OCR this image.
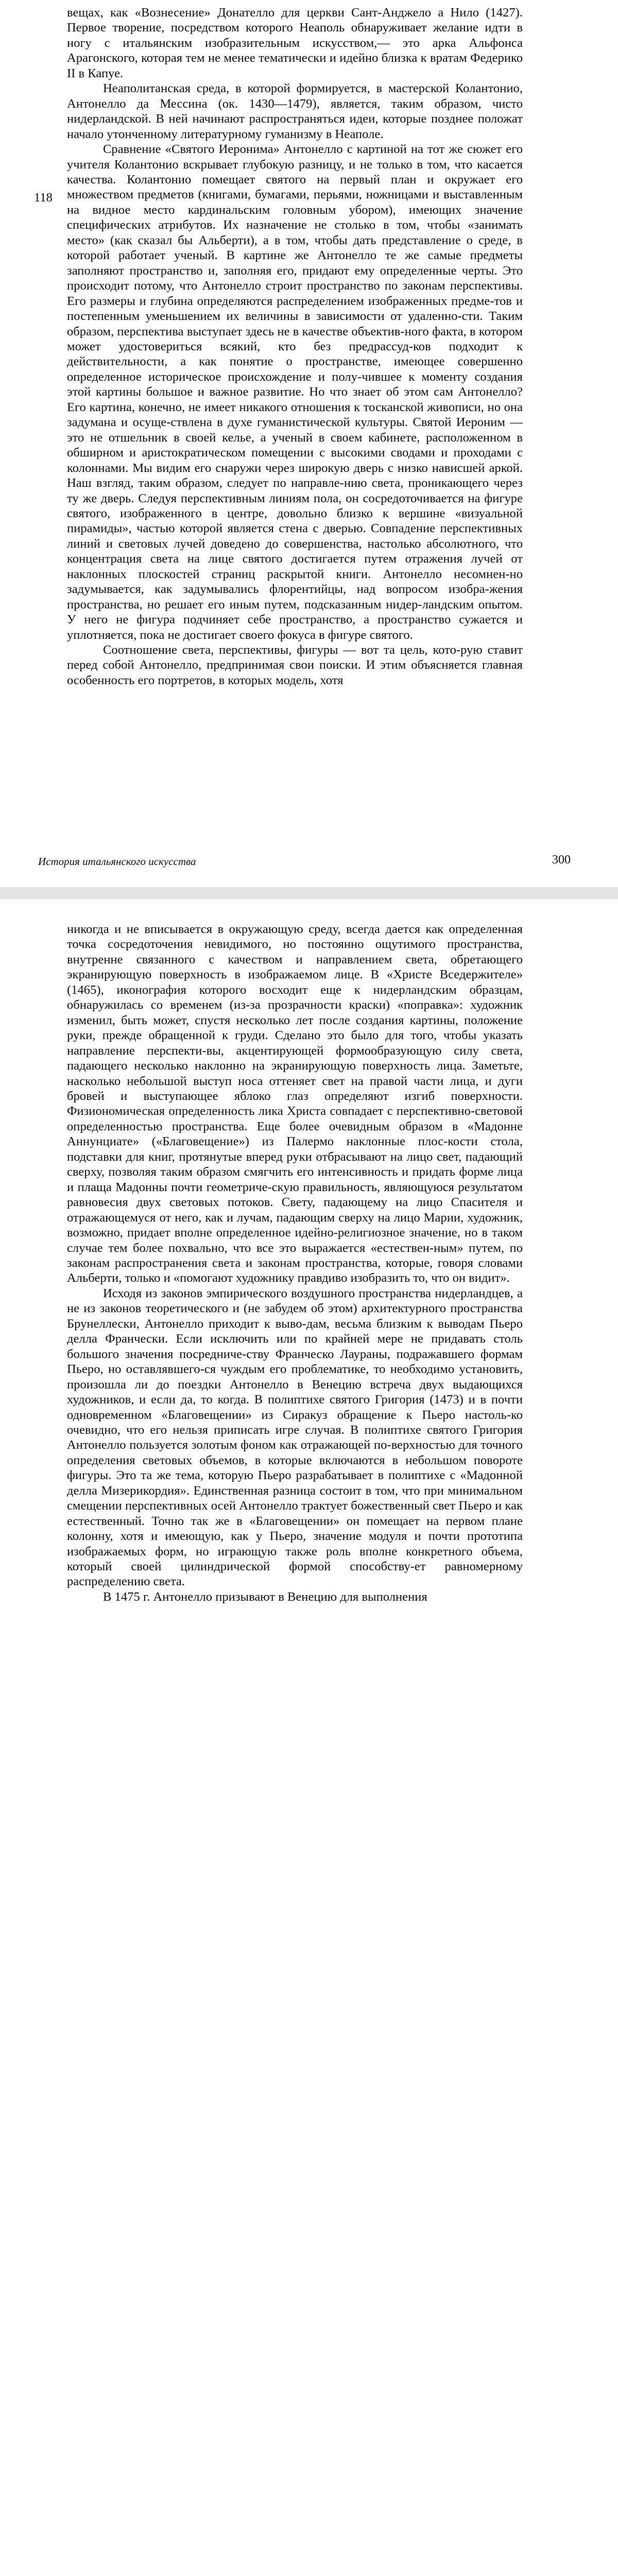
118

вещах, как «Вознесение» Донателло для церкви Сант-Анджело а Нило (1427). Первое творение, посредством которого Неаполь обнаруживает желание идти в ногу с итальянским изобразительным искусством,— это арка Альфонса Арагонского, которая тем не менее тематически и идейно близка к вратам Федерико II в Капуе.

Неаполитанская среда, в которой формируется, в мастерской Колантонио, Антонелло да Мессина (ок. 1430—1479), является, таким образом, чисто нидерландской. В ней начинают распространяться идеи, которые позднее положат начало утонченному литературному гуманизму в Неаполе.

Сравнение «Святого Иеронима» Антонелло с картиной на тот же сюжет его учителя Колантонио вскрывает глубокую разницу, и не только в том, что касается качества. Колантонио помещает святого на первый план и окружает его множеством предметов (книгами, бумагами, перьями, ножницами и выставленным на видное место кардинальским головным убором), имеющих значение специфических атрибутов. Их назначение не столько в том, чтобы «занимать место» (как сказал бы Альберти), а в том, чтобы дать представление о среде, в которой работает ученый. В картине же Антонелло те же самые предметы заполняют пространство и, заполняя его, придают ему определенные черты. Это происходит потому, что Антонелло строит пространство по законам перспективы. Его размеры и глубина определяются распределением изображенных предме-тов и постепенным уменьшением их величины в зависимости от удаленно-сти. Таким образом, перспектива выступает здесь не в качестве объектив-ного факта, в котором может удостовериться всякий, кто без предрассуд-ков подходит к действительности, а как понятие о пространстве, имеющее совершенно определенное историческое происхождение и полу-чившее к моменту создания этой картины большое и важное развитие. Но что знает об этом сам Антонелло? Его картина, конечно, не имеет никакого отношения к тосканской живописи, но она задумана и осуще-ствлена в духе гуманистической культуры. Святой Иероним — это не отшельник в своей келье, а ученый в своем кабинете, расположенном в обширном и аристократическом помещении с высокими сводами и проходами с колоннами. Мы видим его снаружи через широкую дверь с низко нависшей аркой. Наш взгляд, таким образом, следует по направле-нию света, проникающего через ту же дверь. Следуя перспективным линиям пола, он сосредоточивается на фигуре святого, изображенного в центре, довольно близко к вершине «визуальной пирамиды», частью которой является стена с дверью. Совпадение перспективных линий и световых лучей доведено до совершенства, настолько абсолютного, что концентрация света на лице святого достигается путем отражения лучей от наклонных плоскостей страниц раскрытой книги. Антонелло несомнен-но задумывается, как задумывались флорентийцы, над вопросом изобра-жения пространства, но решает его иным путем, подсказанным нидер-ландским опытом. У него не фигура подчиняет себе пространство, а пространство сужается и уплотняется, пока не достигает своего фокуса в фигуре святого.

Соотношение света, перспективы, фигуры — вот та цель, кото-рую ставит перед собой Антонелло, предпринимая свои поиски. И этим объясняется главная особенность его портретов, в которых модель, хотя

История итальянского искусства	300

никогда и не вписывается в окружающую среду, всегда дается как определенная точка сосредоточения невидимого, но постоянно ощутимого пространства, внутренне связанного с качеством и направлением света, обретающего экранирующую поверхность в изображаемом лице. В «Христе Вседержителе» (1465), иконография которого восходит еще к нидерландским образцам, обнаружилась со временем (из-за прозрачности краски) «поправка»: художник изменил, быть может, спустя несколько лет после создания картины, положение руки, прежде обращенной к груди. Сделано это было для того, чтобы указать направление перспекти-вы, акцентирующей формообразующую силу света, падающего несколько наклонно на экранирующую поверхность лица. Заметьте, насколько небольшой выступ носа оттеняет свет на правой части лица, и дуги бровей и выступающее яблоко глаз определяют изгиб поверхности. Физиономическая определенность лика Христа совпадает с перспективно-световой определенностью пространства. Еще более очевидным образом в «Мадонне Аннунциате» («Благовещение») из Палермо наклонные плос-кости стола, подставки для книг, протянутые вперед руки отбрасывают на лицо свет, падающий сверху, позволяя таким образом смягчить его интенсивность и придать форме лица и плаща Мадонны почти геометриче-скую правильность, являющуюся результатом равновесия двух световых потоков. Свету, падающему на лицо Спасителя и отражающемуся от него, как и лучам, падающим сверху на лицо Марии, художник, возможно, придает вполне определенное идейно-религиозное значение, но в таком случае тем более похвально, что все это выражается «естествен-ным» путем, по законам распространения света и законам пространства, которые, говоря словами Альберти, только и «помогают художнику правдиво изобразить то, что он видит».

Исходя из законов эмпирического воздушного пространства нидерландцев, а не из законов теоретического и (не забудем об этом) архитектурного пространства Брунеллески, Антонелло приходит к выво-дам, весьма близким к выводам Пьеро делла Франчески. Если исключить или по крайней мере не придавать столь большого значения посредниче-ству Франческо Лаураны, подражавшего формам Пьеро, но оставлявшего-ся чуждым его проблематике, то необходимо установить, произошла ли до поездки Антонелло в Венецию встреча двух выдающихся художников, и если да, то когда. В полиптихе святого Григория (1473) и в почти одновременном «Благовещении» из Сиракуз обращение к Пьеро настоль-ко очевидно, что его нельзя приписать игре случая. В полиптихе святого Григория Антонелло пользуется золотым фоном как отражающей по-верхностью для точного определения световых объемов, в которые включаются в небольшом повороте фигуры. Это та же тема, которую Пьеро разрабатывает в полиптихе с «Мадонной делла Мизерикордия». Единственная разница состоит в том, что при минимальном смещении перспективных осей Антонелло трактует божественный свет Пьеро и как естественный. Точно так же в «Благовещении» он помещает на первом плане колонну, хотя и имеющую, как у Пьеро, значение модуля и почти прототипа изображаемых форм, но играющую также роль вполне конкретного объема, который своей цилиндрической формой способству-ет равномерному распределению света.

В 1475 г. Антонелло призывают в Венецию для выполнения
